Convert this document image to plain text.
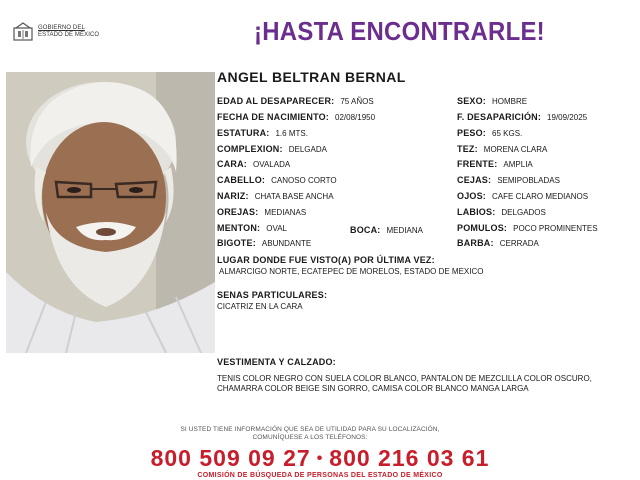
GOBIERNO DEL
ESTADO DE MÉXICO	¡HASTA ENCONTRARLE!
ANGEL BELTRAN BERNAL
EDAD AL DESAPARECER: 75 AÑOS	SEXO: HOMBRE
FECHA DE NACIMIENTO: 02/08/1950	F. DESAPARICIÓN: 19/09/2025
ESTATURA: 1.6 MTS.	PESO: 65 KGS.
COMPLEXION: DELGADA	TEZ: MORENA CLARA
CARA: OVALADA	FRENTE: AMPLIA
CABELLO: CANOSO CORTO	CEJAS: SEMIPOBLADAS
NARIZ: CHATA BASE ANCHA	OJOS: CAFE CLARO MEDIANOS
OREJAS: MEDIANAS	LABIOS: DELGADOS
MENTON: OVAL	BOCA: MEDIANA	POMULOS: POCO PROMINENTES
BIGOTE: ABUNDANTE	BARBA: CERRADA
LUGAR DONDE FUE VISTO(A) POR ÚLTIMA VEZ:
ALMARCIGO NORTE, ECATEPEC DE MORELOS, ESTADO DE MEXICO
SENAS PARTICULARES:
CICATRIZ EN LA CARA
VESTIMENTA Y CALZADO:
TENIS COLOR NEGRO CON SUELA COLOR BLANCO, PANTALON DE MEZCLILLA COLOR OSCURO, CHAMARRA COLOR BEIGE SIN GORRO, CAMISA COLOR BLANCO MANGA LARGA
SI USTED TIENE INFORMACIÓN QUE SEA DE UTILIDAD PARA SU LOCALIZACIÓN,
COMUNÍQUESE A LOS TELÉFONOS:
800 509 09 27 • 800 216 03 61
COMISIÓN DE BÚSQUEDA DE PERSONAS DEL ESTADO DE MÉXICO
